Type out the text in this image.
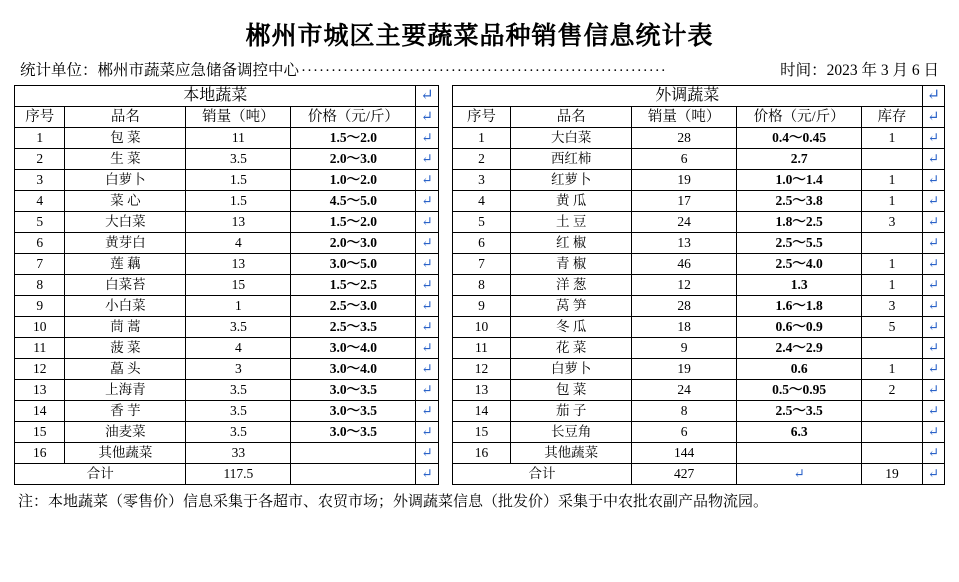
郴州市城区主要蔬菜品种销售信息统计表
统计单位： 郴州市蔬菜应急储备调控中心 ·····························································	时间：2023 年 3 月 6 日
本地蔬菜				↵		外调蔬菜					↵
序号	品名	销量（吨）	价格（元/斤）	↵		序号	品名	销量（吨）	价格（元/斤）	库存	↵
1	包 菜	11	1.5～2.0	↵		1	大白菜	28	0.4～0.45	1	↵
2	生 菜	3.5	2.0～3.0	↵		2	西红柿	6	2.7		↵
3	白萝卜	1.5	1.0～2.0	↵		3	红萝卜	19	1.0～1.4	1	↵
4	菜 心	1.5	4.5～5.0	↵		4	黄 瓜	17	2.5～3.8	1	↵
5	大白菜	13	1.5～2.0	↵		5	土 豆	24	1.8～2.5	3	↵
6	黄芽白	4	2.0～3.0	↵		6	红 椒	13	2.5～5.5		↵
7	莲 藕	13	3.0～5.0	↵		7	青 椒	46	2.5～4.0	1	↵
8	白菜苔	15	1.5～2.5	↵		8	洋 葱	12	1.3	1	↵
9	小白菜	1	2.5～3.0	↵		9	莴 笋	28	1.6～1.8	3	↵
10	茼 蒿	3.5	2.5～3.5	↵		10	冬 瓜	18	0.6～0.9	5	↵
11	菠 菜	4	3.0～4.0	↵		11	花 菜	9	2.4～2.9		↵
12	藠 头	3	3.0～4.0	↵		12	白萝卜	19	0.6	1	↵
13	上海青	3.5	3.0～3.5	↵		13	包 菜	24	0.5～0.95	2	↵
14	香 芋	3.5	3.0～3.5	↵		14	茄 子	8	2.5～3.5		↵
15	油麦菜	3.5	3.0～3.5	↵		15	长豆角	6	6.3		↵
16	其他蔬菜	33		↵		16	其他蔬菜	144			↵
合计		117.5		↵		合计		427	↵	19	↵
注：本地蔬菜（零售价）信息采集于各超市、农贸市场；外调蔬菜信息（批发价）采集于中农批农副产品物流园。
